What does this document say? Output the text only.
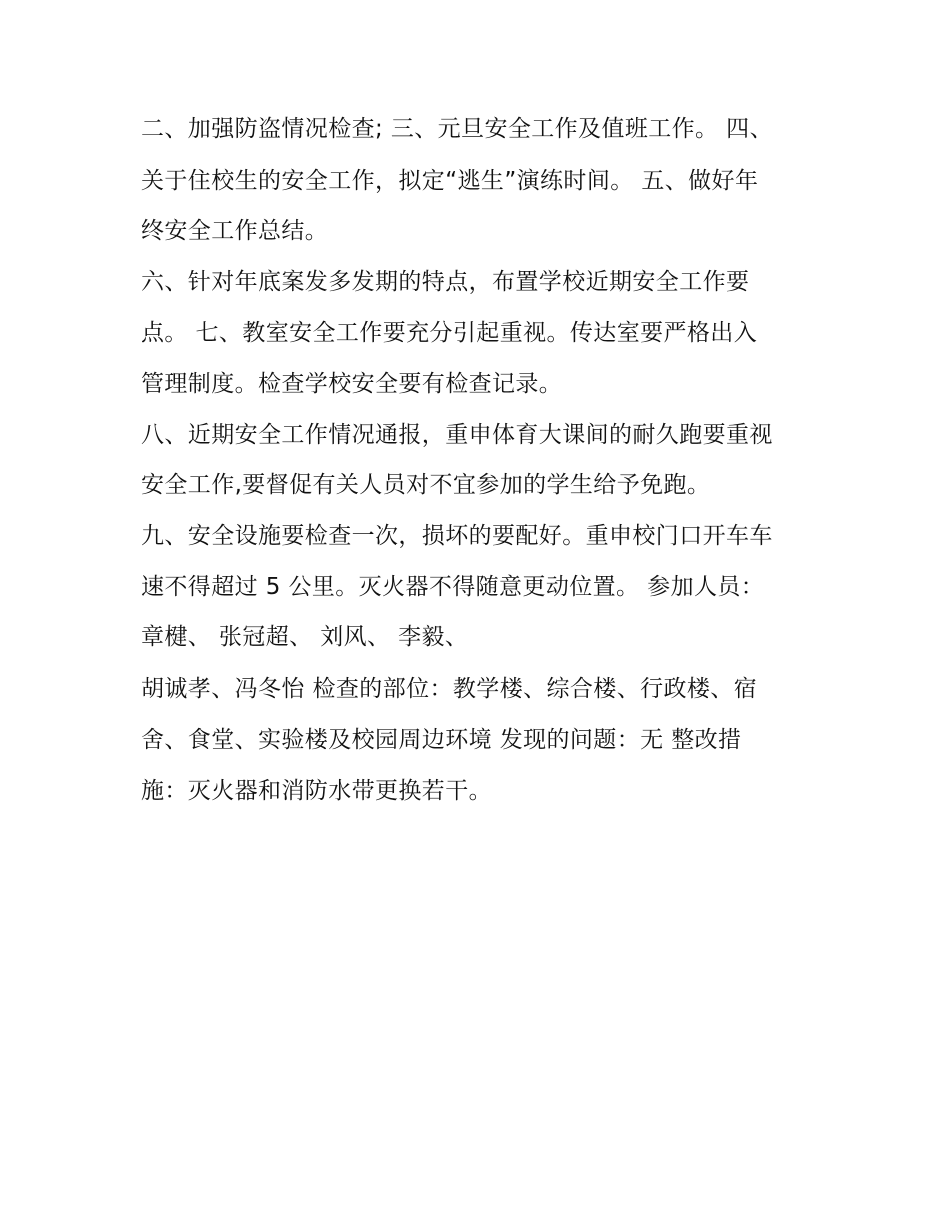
二、加强防盗情况检查; 三、元旦安全工作及值班工作。 四、
关于住校生的安全工作，拟定“逃生”演练时间。 五、做好年
终安全工作总结。
六、针对年底案发多发期的特点，布置学校近期安全工作要
点。 七、教室安全工作要充分引起重视。传达室要严格出入
管理制度。检查学校安全要有检查记录。
八、近期安全工作情况通报，重申体育大课间的耐久跑要重视
安全工作,要督促有关人员对不宜参加的学生给予免跑。
九、安全设施要检查一次，损坏的要配好。重申校门口开车车
速不得超过 5 公里。灭火器不得随意更动位置。 参加人员：
章楗、 张冠超、 刘风、 李毅、
胡诚孝、冯冬怡 检查的部位：教学楼、综合楼、行政楼、宿
舍、食堂、实验楼及校园周边环境 发现的问题：无 整改措
施：灭火器和消防水带更换若干。
